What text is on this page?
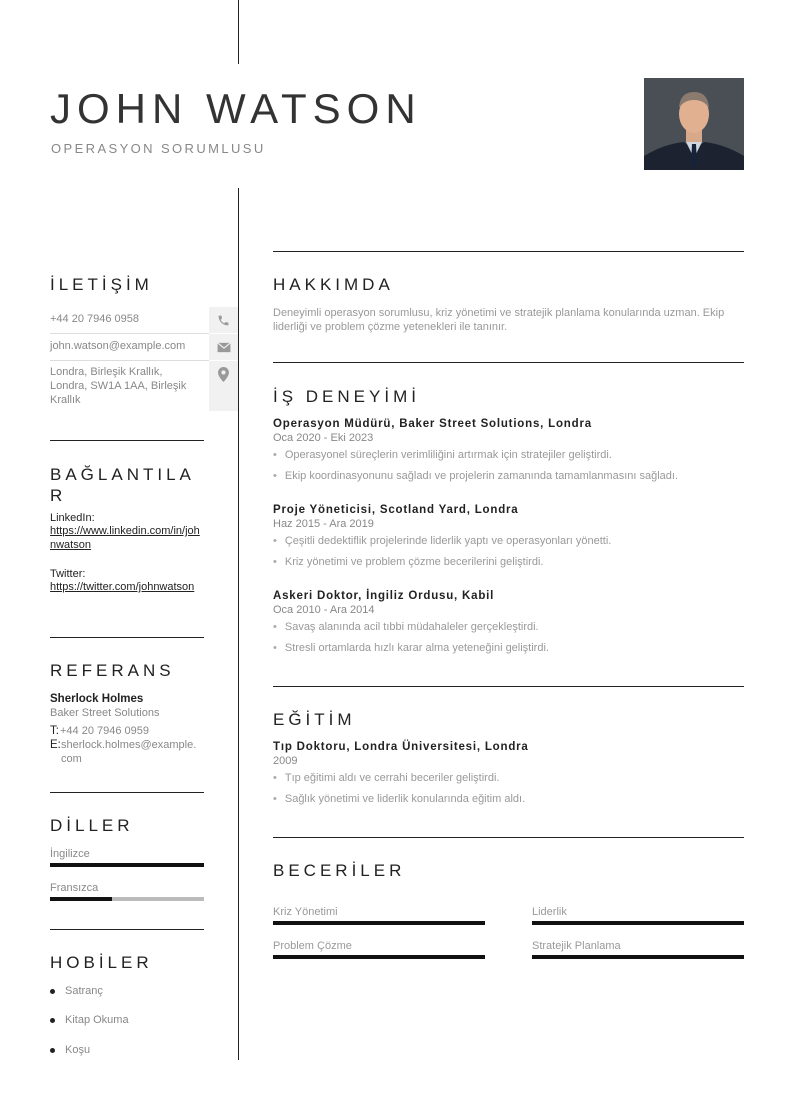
JOHN WATSON
OPERASYON SORUMLUSU
İLETİŞİM
+44 20 7946 0958
john.watson@example.com
Londra, Birleşik Krallık, Londra, SW1A 1AA, Birleşik Krallık
BAĞLANTILA
R
LinkedIn:
https://www.linkedin.com/in/johnwatson
Twitter:
https://twitter.com/johnwatson
REFERANS
Sherlock Holmes
Baker Street Solutions
T: +44 20 7946 0959
E: sherlock.holmes@example.com
DİLLER
İngilizce
Fransızca
HOBİLER
Satranç
Kitap Okuma
Koşu
HAKKIMDA
Deneyimli operasyon sorumlusu, kriz yönetimi ve stratejik planlama konularında uzman. Ekip liderliği ve problem çözme yetenekleri ile tanınır.
İŞ DENEYİMİ
Operasyon Müdürü, Baker Street Solutions, Londra
Oca 2020 - Eki 2023
• Operasyonel süreçlerin verimliliğini artırmak için stratejiler geliştirdi.
• Ekip koordinasyonunu sağladı ve projelerin zamanında tamamlanmasını sağladı.
Proje Yöneticisi, Scotland Yard, Londra
Haz 2015 - Ara 2019
• Çeşitli dedektiflik projelerinde liderlik yaptı ve operasyonları yönetti.
• Kriz yönetimi ve problem çözme becerilerini geliştirdi.
Askeri Doktor, İngiliz Ordusu, Kabil
Oca 2010 - Ara 2014
• Savaş alanında acil tıbbi müdahaleler gerçekleştirdi.
• Stresli ortamlarda hızlı karar alma yeteneğini geliştirdi.
EĞİTİM
Tıp Doktoru, Londra Üniversitesi, Londra
2009
• Tıp eğitimi aldı ve cerrahi beceriler geliştirdi.
• Sağlık yönetimi ve liderlik konularında eğitim aldı.
BECERİLER
Kriz Yönetimi	Liderlik
Problem Çözme	Stratejik Planlama
